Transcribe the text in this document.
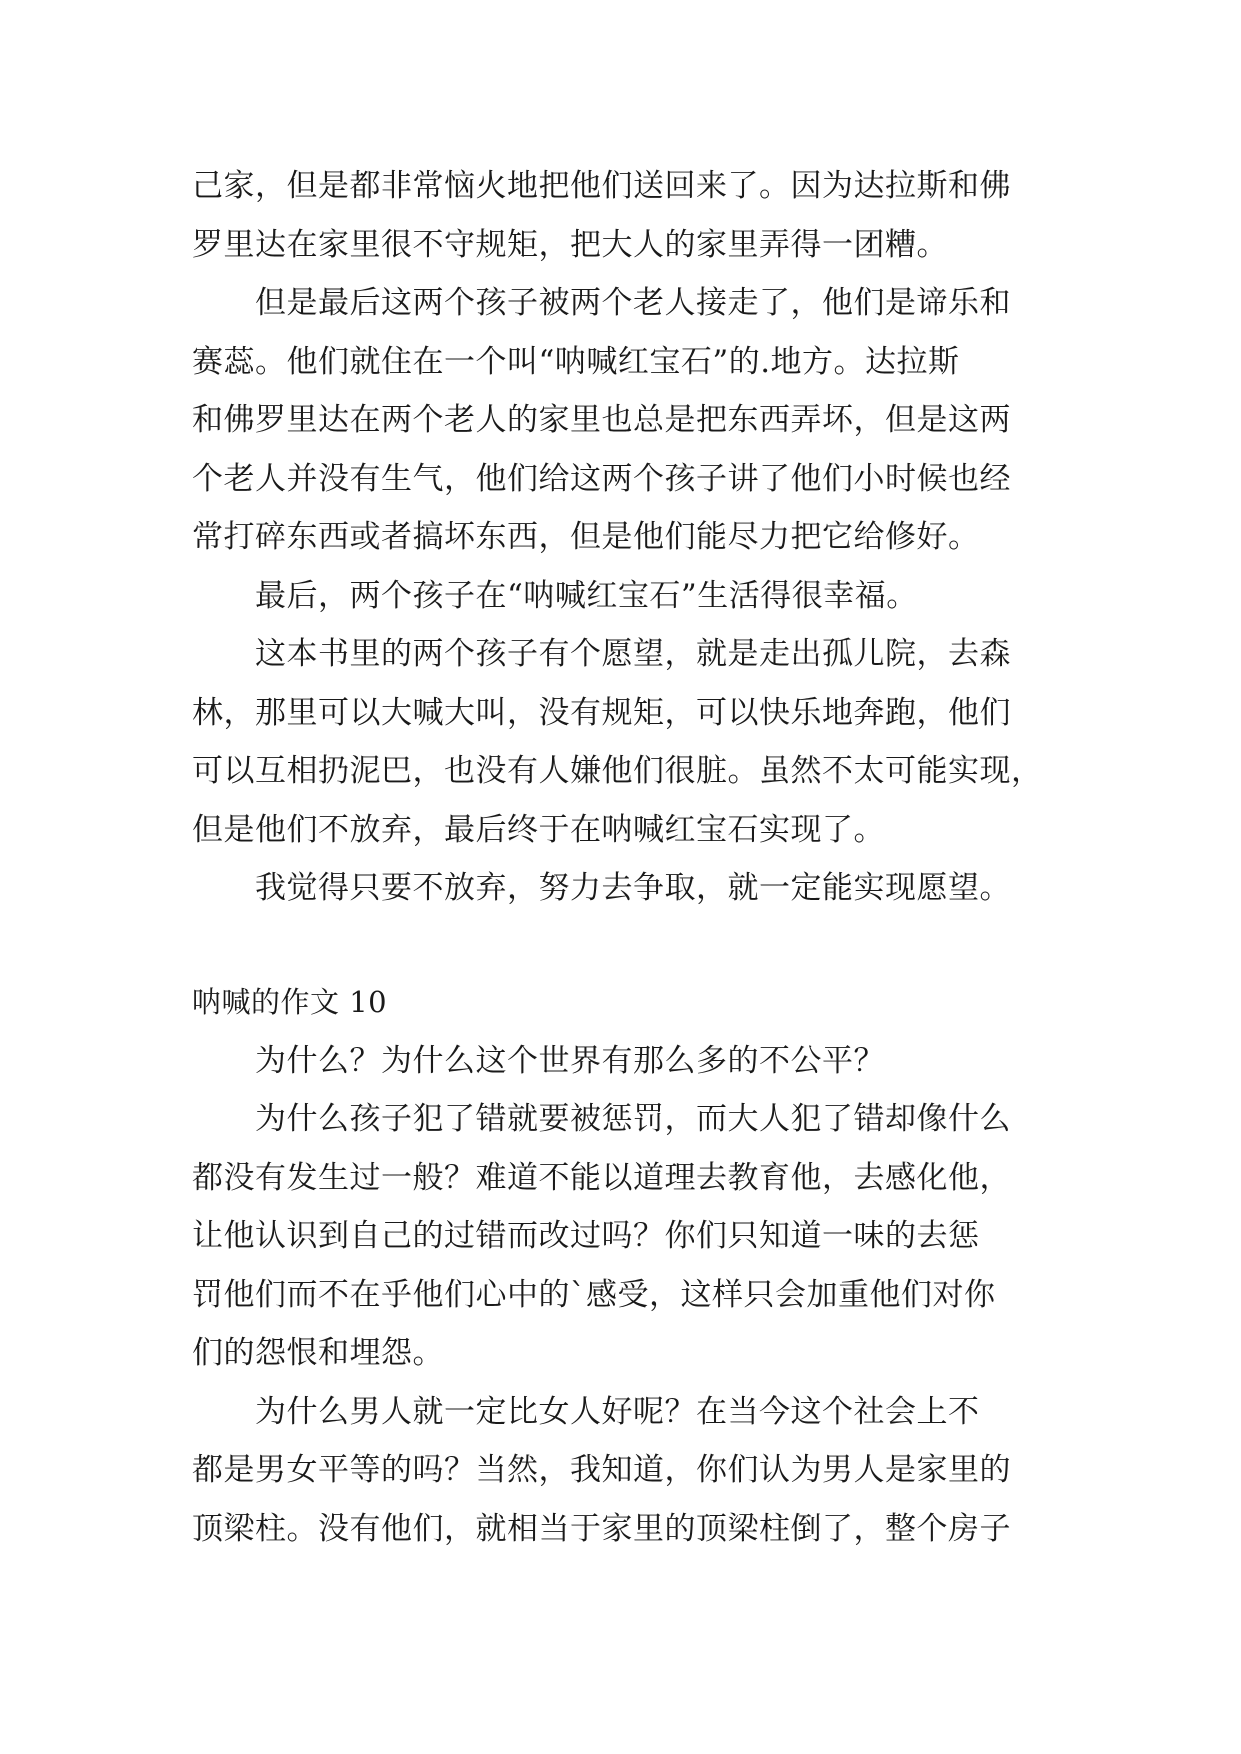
己家，但是都非常恼火地把他们送回来了。因为达拉斯和佛
罗里达在家里很不守规矩，把大人的家里弄得一团糟。
但是最后这两个孩子被两个老人接走了，他们是谛乐和
赛蕊。他们就住在一个叫“呐喊红宝石”的.地方。达拉斯
和佛罗里达在两个老人的家里也总是把东西弄坏，但是这两
个老人并没有生气，他们给这两个孩子讲了他们小时候也经
常打碎东西或者搞坏东西，但是他们能尽力把它给修好。
最后，两个孩子在“呐喊红宝石”生活得很幸福。
这本书里的两个孩子有个愿望，就是走出孤儿院，去森
林，那里可以大喊大叫，没有规矩，可以快乐地奔跑，他们
可以互相扔泥巴，也没有人嫌他们很脏。虽然不太可能实现，
但是他们不放弃，最后终于在呐喊红宝石实现了。
我觉得只要不放弃，努力去争取，就一定能实现愿望。
呐喊的作文 10
为什么？为什么这个世界有那么多的不公平？
为什么孩子犯了错就要被惩罚，而大人犯了错却像什么
都没有发生过一般？难道不能以道理去教育他，去感化他，
让他认识到自己的过错而改过吗？你们只知道一味的去惩
罚他们而不在乎他们心中的`感受，这样只会加重他们对你
们的怨恨和埋怨。
为什么男人就一定比女人好呢？在当今这个社会上不
都是男女平等的吗？当然，我知道，你们认为男人是家里的
顶梁柱。没有他们，就相当于家里的顶梁柱倒了，整个房子
